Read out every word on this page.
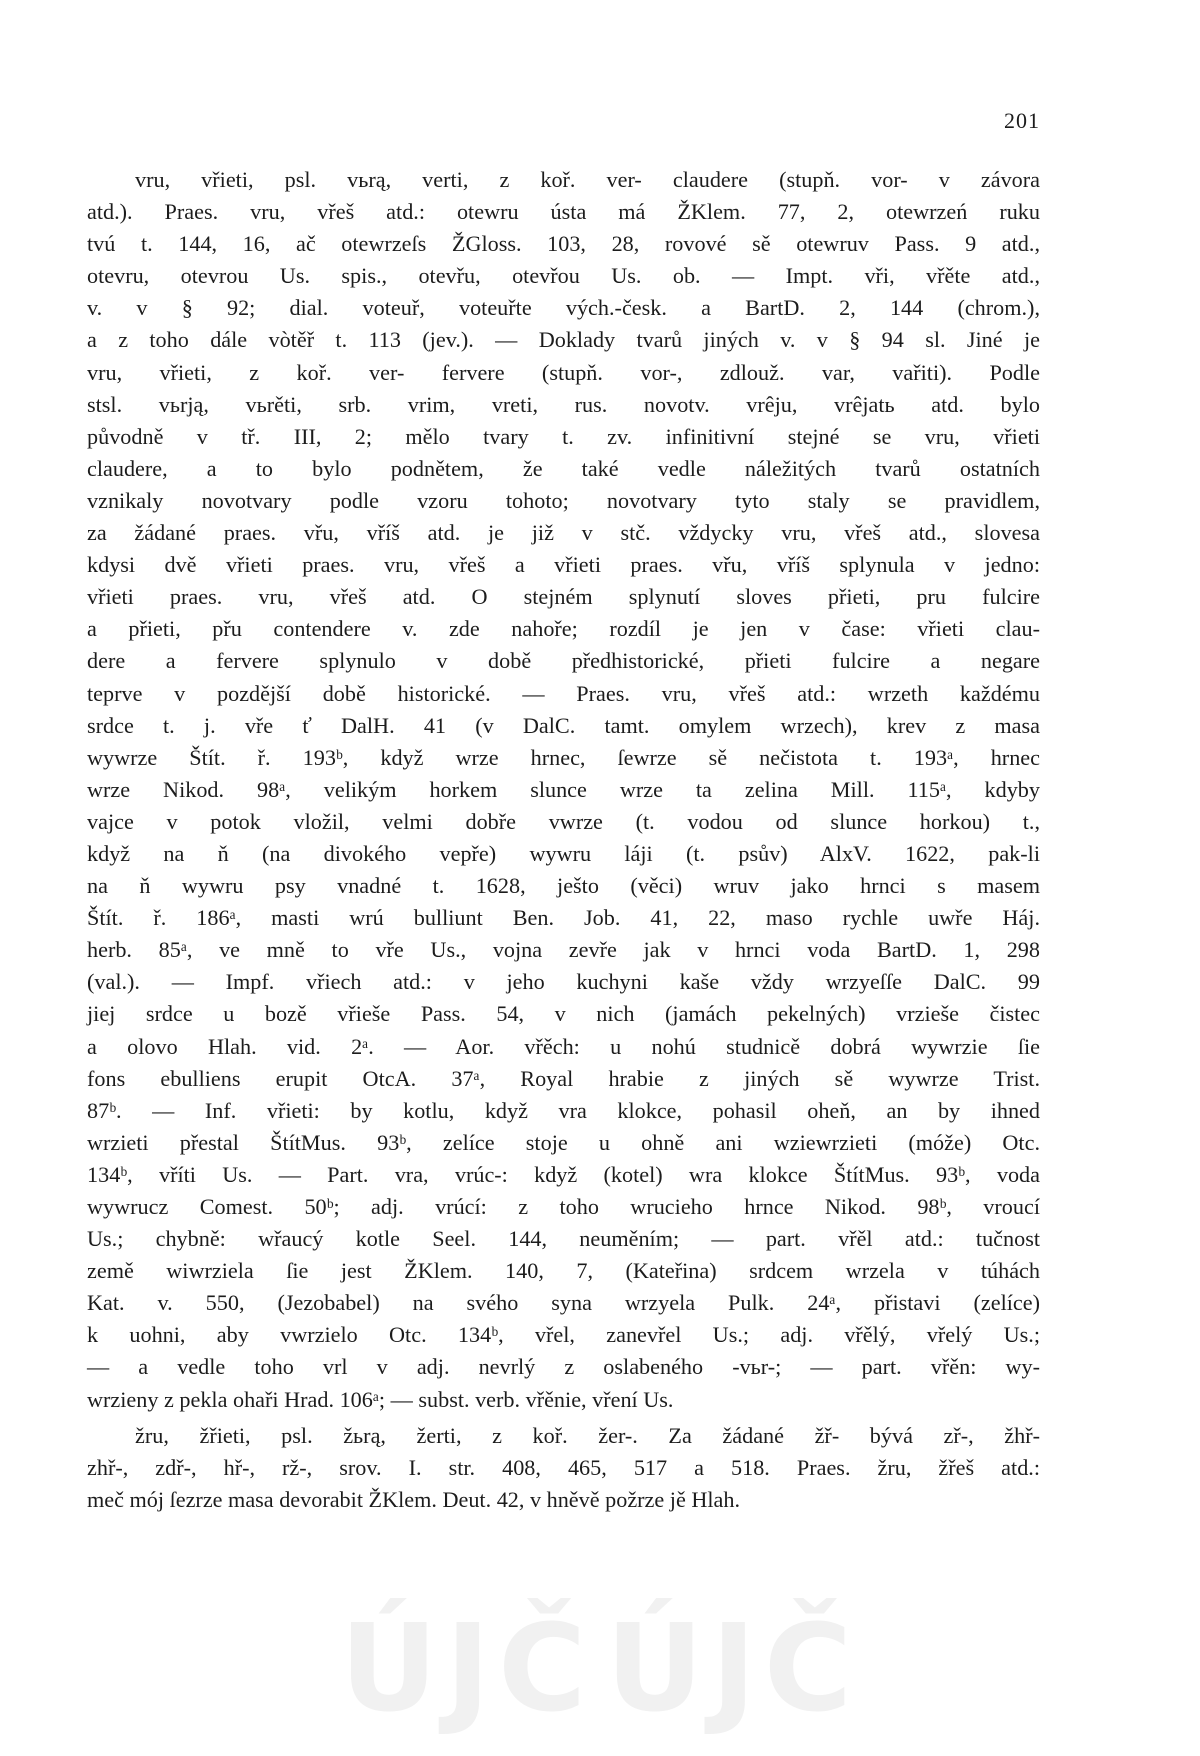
201
vru, vřieti, psl. vьrą, verti, z koř. ver- claudere (stupň. vor- v závora
atd.). Praes. vru, vřeš atd.: otewru ústa má ŽKlem. 77, 2, otewrzeń ruku
tvú t. 144, 16, ač otewrzeſs ŽGloss. 103, 28, rovové sě otewruv Pass. 9 atd.,
otevru, otevrou Us. spis., otevřu, otevřou Us. ob. — Impt. vři, vřěte atd.,
v. v § 92; dial. voteuř, voteuřte vých.-česk. a BartD. 2, 144 (chrom.),
a z toho dále vòtěř t. 113 (jev.). — Doklady tvarů jiných v. v § 94 sl. Jiné je
vru, vřieti, z koř. ver- fervere (stupň. vor-, zdlouž. var, vařiti). Podle
stsl. vьrją, vьrěti, srb. vrim, vreti, rus. novotv. vrêju, vrêjatь atd. bylo
původně v tř. III, 2; mělo tvary t. zv. infinitivní stejné se vru, vřieti
claudere, a to bylo podnětem, že také vedle náležitých tvarů ostatních
vznikaly novotvary podle vzoru tohoto; novotvary tyto staly se pravidlem,
za žádané praes. vřu, vříš atd. je již v stč. vždycky vru, vřeš atd., slovesa
kdysi dvě vřieti praes. vru, vřeš a vřieti praes. vřu, vříš splynula v jedno:
vřieti praes. vru, vřeš atd. O stejném splynutí sloves přieti, pru fulcire
a přieti, přu contendere v. zde nahoře; rozdíl je jen v čase: vřieti clau-
dere a fervere splynulo v době předhistorické, přieti fulcire a negare
teprve v pozdější době historické. — Praes. vru, vřeš atd.: wrzeth každému
srdce t. j. vře ť DalH. 41 (v DalC. tamt. omylem wrzech), krev z masa
wywrze Štít. ř. 193ᵇ, když wrze hrnec, ſewrze sě nečistota t. 193ᵃ, hrnec
wrze Nikod. 98ᵃ, velikým horkem slunce wrze ta zelina Mill. 115ᵃ, kdyby
vajce v potok vložil, velmi dobře vwrze (t. vodou od slunce horkou) t.,
když na ň (na divokého vepře) wywru láji (t. psův) AlxV. 1622, pak-li
na ň wywru psy vnadné t. 1628, ješto (věci) wruv jako hrnci s masem
Štít. ř. 186ᵃ, masti wrú bulliunt Ben. Job. 41, 22, maso rychle uwře Háj.
herb. 85ᵃ, ve mně to vře Us., vojna zevře jak v hrnci voda BartD. 1, 298
(val.). — Impf. vřiech atd.: v jeho kuchyni kaše vždy wrzyeſſe DalC. 99
jiej srdce u bozě vřieše Pass. 54, v nich (jamách pekelných) vrzieše čistec
a olovo Hlah. vid. 2ᵃ. — Aor. vřěch: u nohú studnicě dobrá wywrzie ſie
fons ebulliens erupit OtcA. 37ᵃ, Royal hrabie z jiných sě wywrze Trist.
87ᵇ. — Inf. vřieti: by kotlu, když vra klokce, pohasil oheň, an by ihned
wrzieti přestal ŠtítMus. 93ᵇ, zelíce stoje u ohně ani wziewrzieti (móže) Otc.
134ᵇ, vříti Us. — Part. vra, vrúc-: když (kotel) wra klokce ŠtítMus. 93ᵇ, voda
wywrucz Comest. 50ᵇ; adj. vrúcí: z toho wrucieho hrnce Nikod. 98ᵇ, vroucí
Us.; chybně: wřaucý kotle Seel. 144, neuměním; — part. vřěl atd.: tučnost
země wiwrziela ſie jest ŽKlem. 140, 7, (Kateřina) srdcem wrzela v túhách
Kat. v. 550, (Jezobabel) na svého syna wrzyela Pulk. 24ᵃ, přistavi (zelíce)
k uohni, aby vwrzielo Otc. 134ᵇ, vřel, zanevřel Us.; adj. vřělý, vřelý Us.;
— a vedle toho vrl v adj. nevrlý z oslabeného -vьr-; — part. vřěn: wy-
wrzieny z pekla ohaři Hrad. 106ᵃ; — subst. verb. vřěnie, vření Us.
žru, žřieti, psl. žьrą, žerti, z koř. žer-. Za žádané žř- bývá zř-, žhř-
zhř-, zdř-, hř-, rž-, srov. I. str. 408, 465, 517 a 518. Praes. žru, žřeš atd.:
meč mój ſezrze masa devorabit ŽKlem. Deut. 42, v hněvě požrze jě Hlah.
ÚJČ ÚJČ
